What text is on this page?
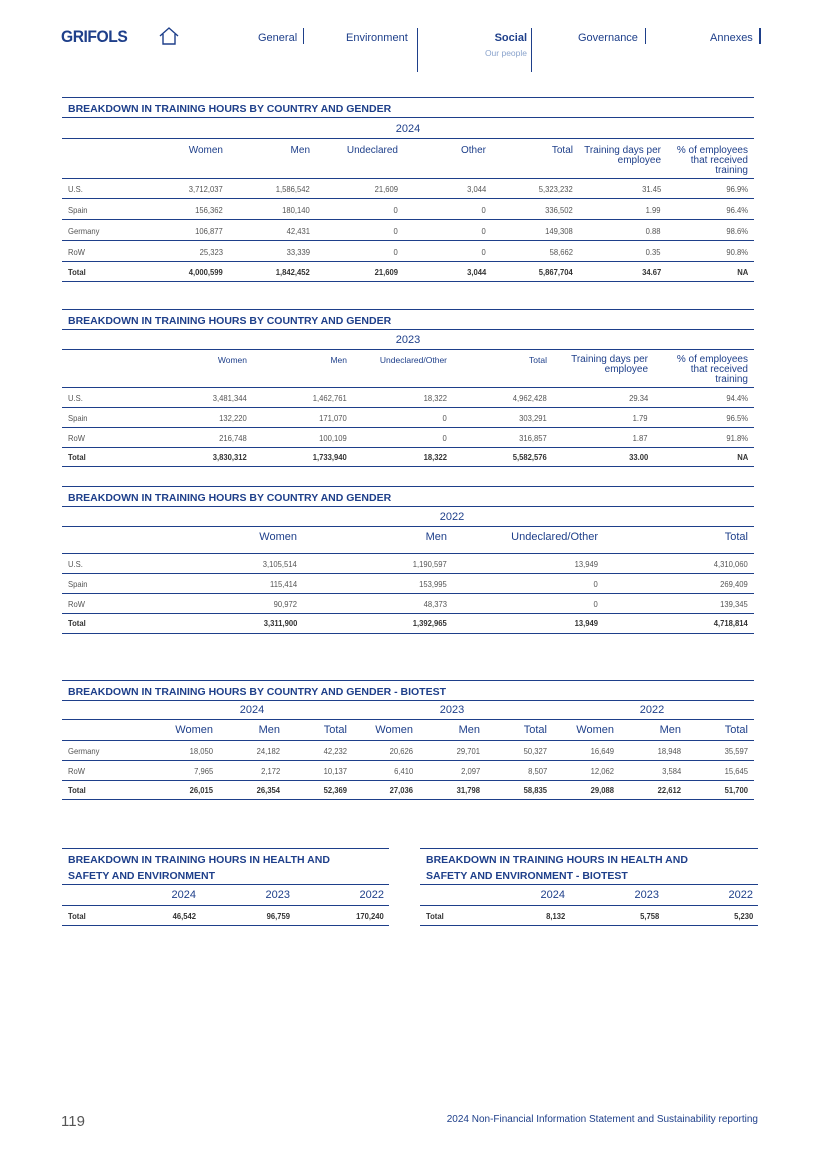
GRIFOLS	General	Environment	Social
Our people
Governance	Annexes
BREAKDOWN IN TRAINING HOURS BY COUNTRY AND GENDER
2024
Women	Men	Undeclared	Other	Total	Training days per employee
% of employees that received training
U.S.	3,712,037	1,586,542	21,609	3,044	5,323,232	31.45	96.9%
Spain	156,362	180,140	0	0	336,502	1.99	96.4%
Germany	106,877	42,431	0	0	149,308	0.88	98.6%
RoW	25,323	33,339	0	0	58,662	0.35	90.8%
Total	4,000,599	1,842,452	21,609	3,044	5,867,704	34.67	NA
BREAKDOWN IN TRAINING HOURS BY COUNTRY AND GENDER
2023
Women	Men	Undeclared/Other	Total	Training days per employee
% of employees that received training
U.S.	3,481,344	1,462,761	18,322	4,962,428	29.34	94.4%
Spain	132,220	171,070	0	303,291	1.79	96.5%
RoW	216,748	100,109	0	316,857	1.87	91.8%
Total	3,830,312	1,733,940	18,322	5,582,576	33.00	NA
BREAKDOWN IN TRAINING HOURS BY COUNTRY AND GENDER
2022
Women	Men	Undeclared/Other	Total
U.S.	3,105,514	1,190,597	13,949	4,310,060
Spain	115,414	153,995	0	269,409
RoW	90,972	48,373	0	139,345
Total	3,311,900	1,392,965	13,949	4,718,814
BREAKDOWN IN TRAINING HOURS BY COUNTRY AND GENDER - BIOTEST
2024	2023	2022
Women	Men	Total	Women	Men	Total	Women	Men	Total
Germany	18,050	24,182	42,232	20,626	29,701	50,327	16,649	18,948	35,597
RoW	7,965	2,172	10,137	6,410	2,097	8,507	12,062	3,584	15,645
Total	26,015	26,354	52,369	27,036	31,798	58,835	29,088	22,612	51,700
BREAKDOWN IN TRAINING HOURS IN HEALTH AND
SAFETY AND ENVIRONMENT
2024	2023	2022
Total	46,542	96,759	170,240
BREAKDOWN IN TRAINING HOURS IN HEALTH AND
SAFETY AND ENVIRONMENT - BIOTEST
2024	2023	2022
Total	8,132	5,758	5,230
119	2024 Non-Financial Information Statement and Sustainability reporting
